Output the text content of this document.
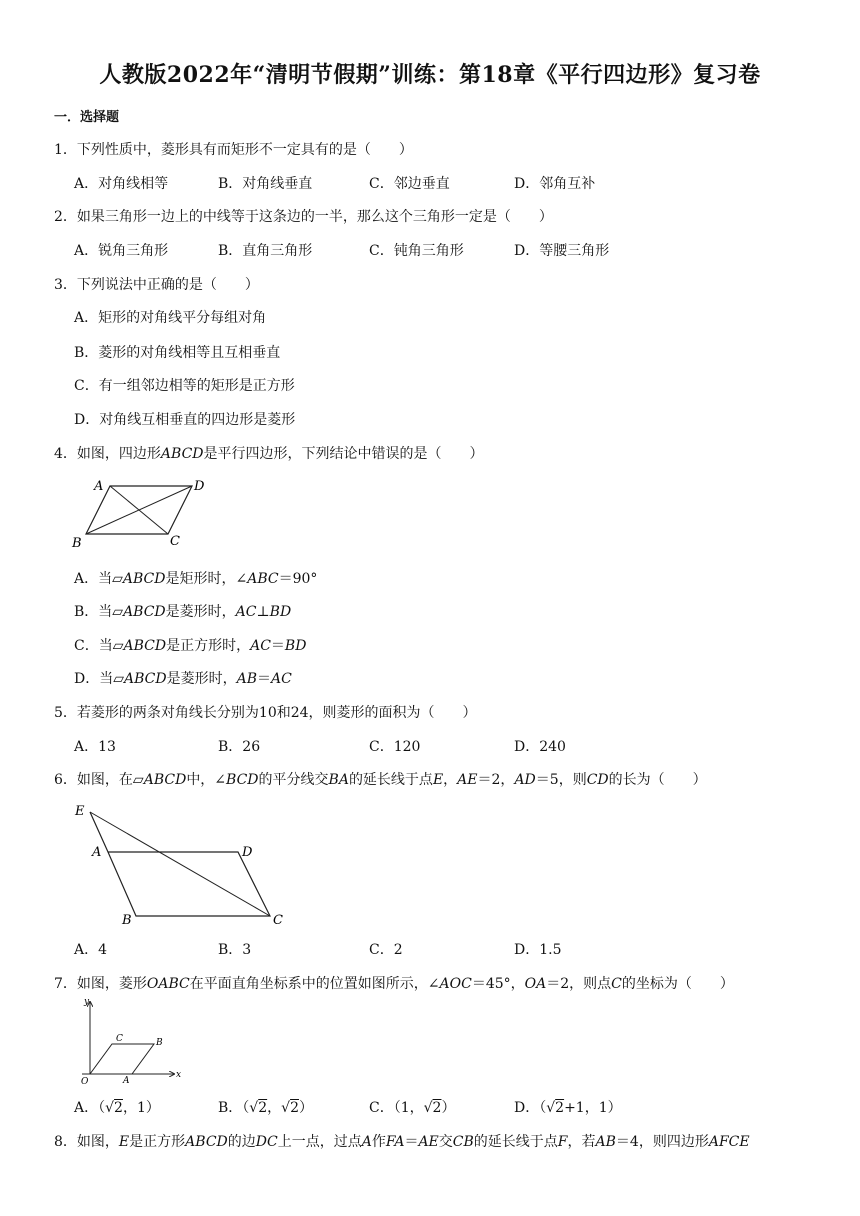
人教版2022年“清明节假期”训练：第18章《平行四边形》复习卷
一．选择题
1．下列性质中，菱形具有而矩形不一定具有的是（　　）
A．对角线相等	B．对角线垂直	C．邻边垂直	D．邻角互补
2．如果三角形一边上的中线等于这条边的一半，那么这个三角形一定是（　　）
A．锐角三角形	B．直角三角形	C．钝角三角形	D．等腰三角形
3．下列说法中正确的是（　　）
A．矩形的对角线平分每组对角
B．菱形的对角线相等且互相垂直
C．有一组邻边相等的矩形是正方形
D．对角线互相垂直的四边形是菱形
4．如图，四边形ABCD是平行四边形，下列结论中错误的是（　　）
A	D
B	C
A．当▱ABCD是矩形时，∠ABC＝90°
B．当▱ABCD是菱形时，AC⊥BD
C．当▱ABCD是正方形时，AC＝BD
D．当▱ABCD是菱形时，AB＝AC
5．若菱形的两条对角线长分别为10和24，则菱形的面积为（　　）
A．13	B．26	C．120	D．240
6．如图，在▱ABCD中，∠BCD的平分线交BA的延长线于点E，AE＝2，AD＝5，则CD的长为（　　）
E
A	D
B	C
A．4	B．3	C．2	D．1.5
7．如图，菱形OABC在平面直角坐标系中的位置如图所示，∠AOC＝45°，OA＝2，则点C的坐标为（　　）
y
x
O	A
B
C
A．（√2，1）	B．（√2，√2）	C．（1，√2）	D．（√2+1，1）
8．如图，E是正方形ABCD的边DC上一点，过点A作FA＝AE交CB的延长线于点F，若AB＝4，则四边形AFCE
